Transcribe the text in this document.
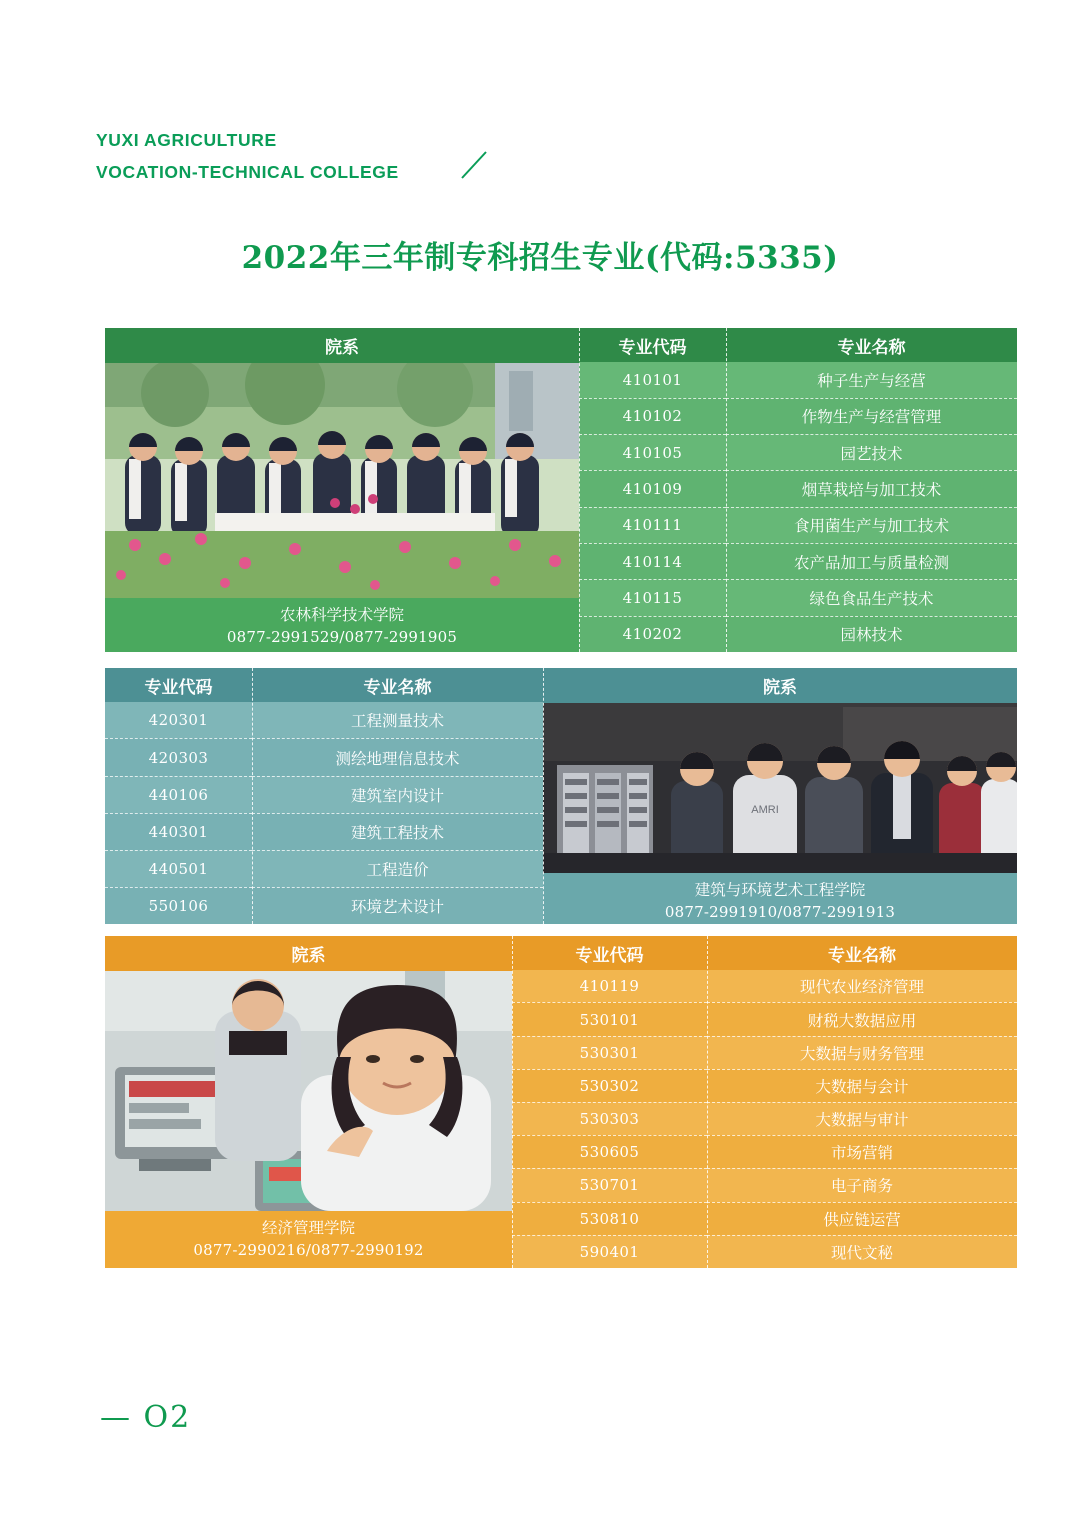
YUXI AGRICULTURE
VOCATION-TECHNICAL COLLEGE
2022年三年制专科招生专业(代码:5335)
院系
农林科学技术学院
0877-2991529/0877-2991905
专业代码
410101
410102
410105
410109
410111
410114
410115
410202
专业名称
种子生产与经营
作物生产与经营管理
园艺技术
烟草栽培与加工技术
食用菌生产与加工技术
农产品加工与质量检测
绿色食品生产技术
园林技术
专业代码
420301
420303
440106
440301
440501
550106
专业名称
工程测量技术
测绘地理信息技术
建筑室内设计
建筑工程技术
工程造价
环境艺术设计
院系
AMRI
建筑与环境艺术工程学院
0877-2991910/0877-2991913
院系
经济管理学院
0877-2990216/0877-2990192
专业代码
410119
530101
530301
530302
530303
530605
530701
530810
590401
专业名称
现代农业经济管理
财税大数据应用
大数据与财务管理
大数据与会计
大数据与审计
市场营销
电子商务
供应链运营
现代文秘
— O2
